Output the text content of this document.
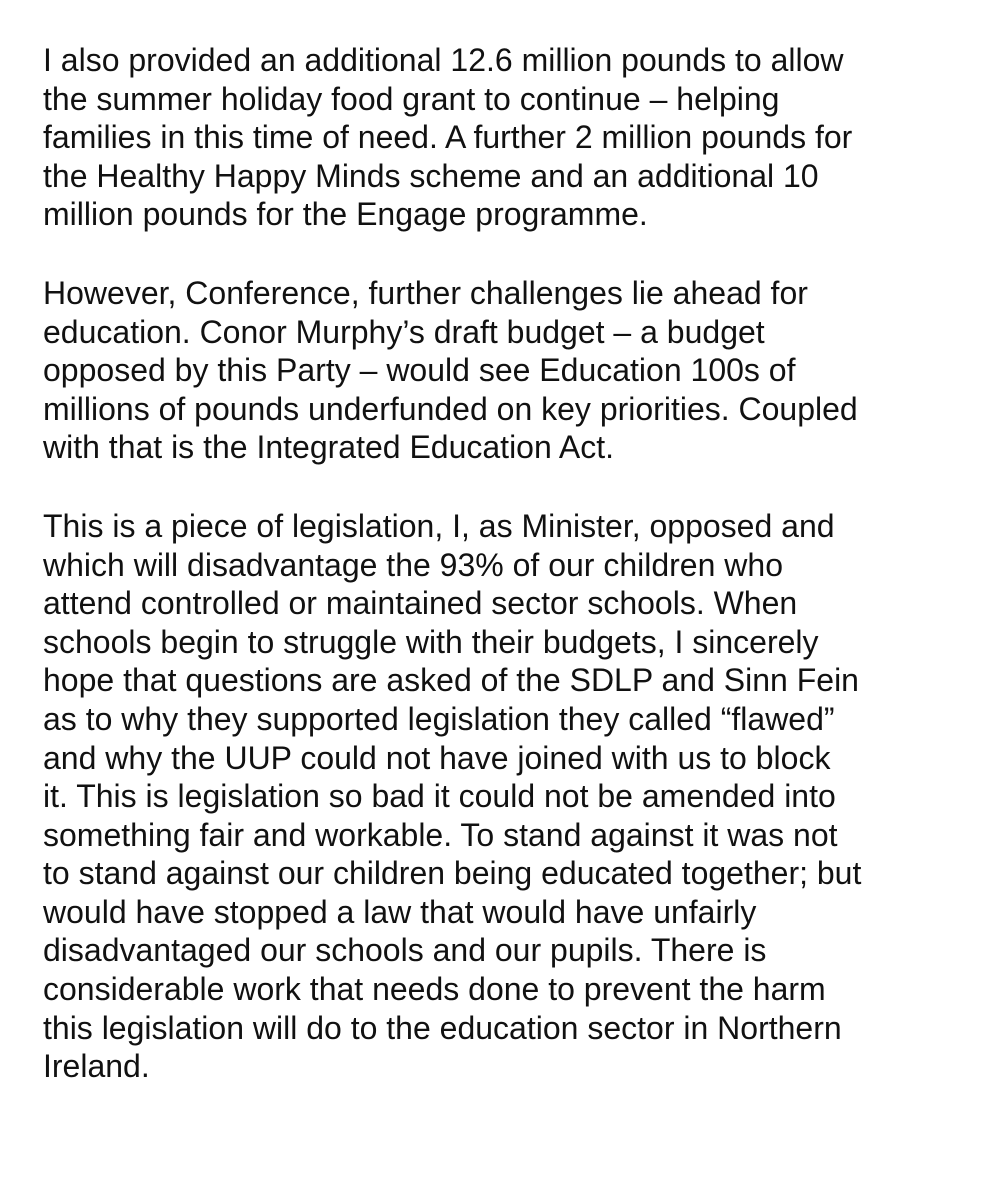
I also provided an additional 12.6 million pounds to allow
the summer holiday food grant to continue – helping
families in this time of need. A further 2 million pounds for
the Healthy Happy Minds scheme and an additional 10
million pounds for the Engage programme.

However, Conference, further challenges lie ahead for
education. Conor Murphy’s draft budget – a budget
opposed by this Party – would see Education 100s of
millions of pounds underfunded on key priorities. Coupled
with that is the Integrated Education Act.

This is a piece of legislation, I, as Minister, opposed and
which will disadvantage the 93% of our children who
attend controlled or maintained sector schools. When
schools begin to struggle with their budgets, I sincerely
hope that questions are asked of the SDLP and Sinn Fein
as to why they supported legislation they called “flawed”
and why the UUP could not have joined with us to block
it. This is legislation so bad it could not be amended into
something fair and workable. To stand against it was not
to stand against our children being educated together; but
would have stopped a law that would have unfairly
disadvantaged our schools and our pupils. There is
considerable work that needs done to prevent the harm
this legislation will do to the education sector in Northern
Ireland.
